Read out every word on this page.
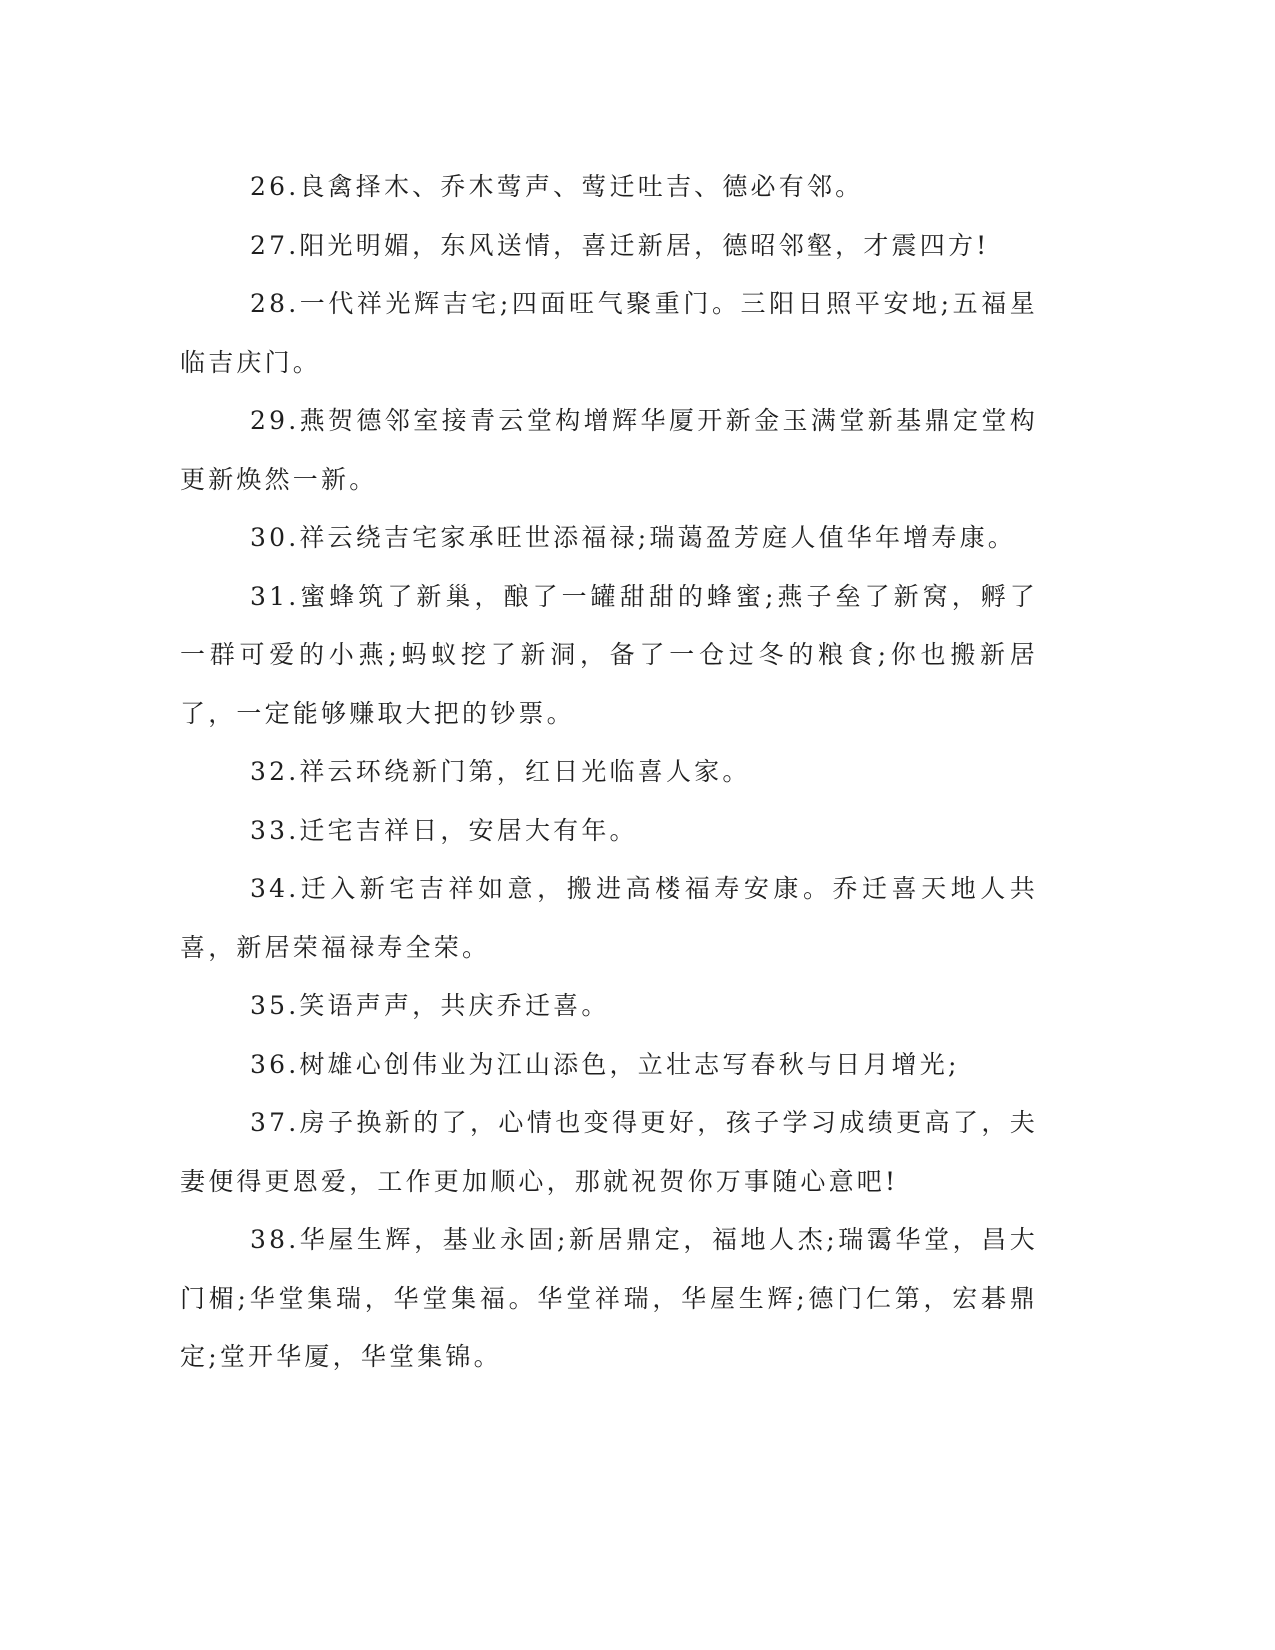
26.良禽择木、乔木莺声、莺迁吐吉、德必有邻。

27.阳光明媚，东风送情，喜迁新居，德昭邻壑，才震四方!

28.一代祥光辉吉宅;四面旺气聚重门。三阳日照平安地;五福星临吉庆门。

29.燕贺德邻室接青云堂构增辉华厦开新金玉满堂新基鼎定堂构更新焕然一新。

30.祥云绕吉宅家承旺世添福禄;瑞蔼盈芳庭人值华年增寿康。

31.蜜蜂筑了新巢，酿了一罐甜甜的蜂蜜;燕子垒了新窝，孵了一群可爱的小燕;蚂蚁挖了新洞，备了一仓过冬的粮食;你也搬新居了，一定能够赚取大把的钞票。

32.祥云环绕新门第，红日光临喜人家。

33.迁宅吉祥日，安居大有年。

34.迁入新宅吉祥如意，搬进高楼福寿安康。乔迁喜天地人共喜，新居荣福禄寿全荣。

35.笑语声声，共庆乔迁喜。

36.树雄心创伟业为江山添色，立壮志写春秋与日月增光;

37.房子换新的了，心情也变得更好，孩子学习成绩更高了，夫妻便得更恩爱，工作更加顺心，那就祝贺你万事随心意吧!

38.华屋生辉，基业永固;新居鼎定，福地人杰;瑞霭华堂，昌大门楣;华堂集瑞，华堂集福。华堂祥瑞，华屋生辉;德门仁第，宏碁鼎定;堂开华厦，华堂集锦。
